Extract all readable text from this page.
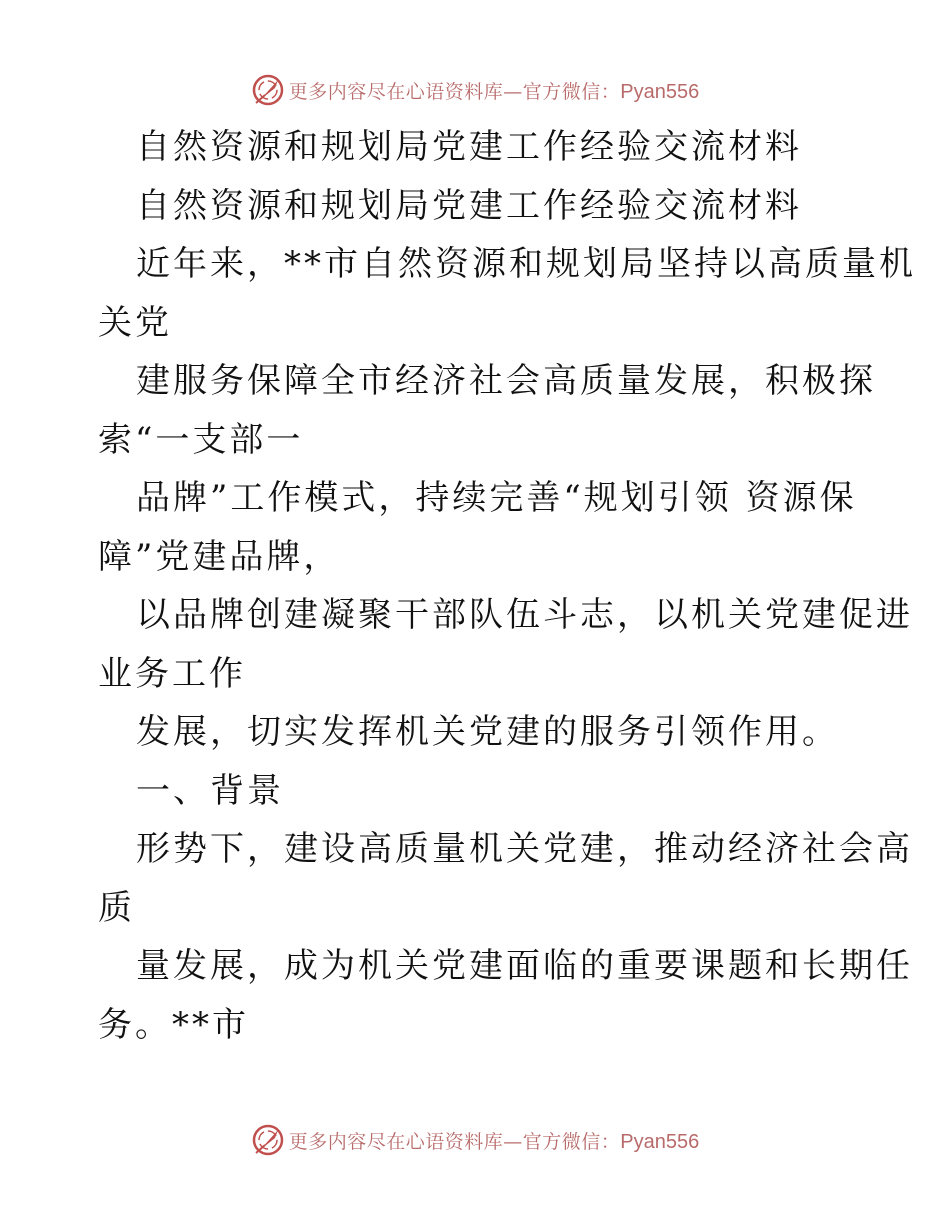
更多内容尽在心语资料库—官方微信：Pyan556
自然资源和规划局党建工作经验交流材料
自然资源和规划局党建工作经验交流材料
近年来，**市自然资源和规划局坚持以高质量机
关党
建服务保障全市经济社会高质量发展，积极探
索“一支部一
品牌”工作模式，持续完善“规划引领 资源保
障”党建品牌，
以品牌创建凝聚干部队伍斗志，以机关党建促进
业务工作
发展，切实发挥机关党建的服务引领作用。
一、背景
形势下，建设高质量机关党建，推动经济社会高
质
量发展，成为机关党建面临的重要课题和长期任
务。**市
更多内容尽在心语资料库—官方微信：Pyan556
